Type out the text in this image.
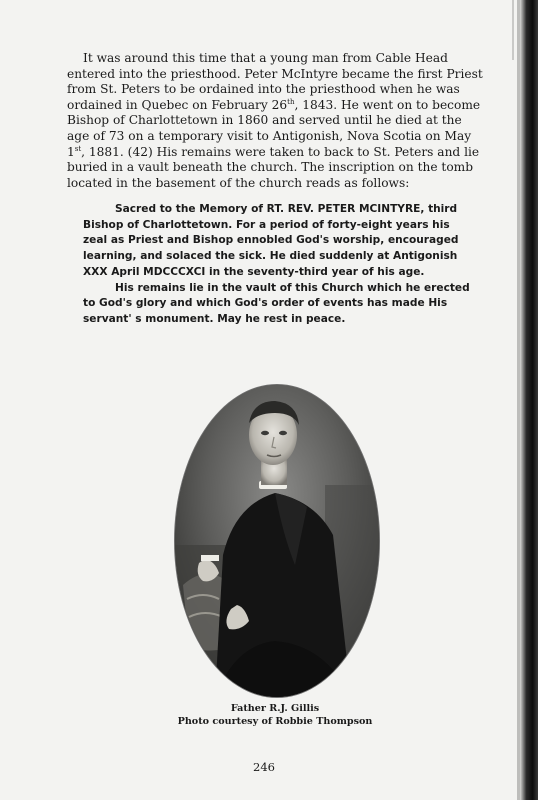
It was around this time that a young man from Cable Head entered into the priesthood. Peter McIntyre became the first Priest from St. Peters to be ordained into the priesthood when he was ordained in Quebec on February 26th, 1843. He went on to become Bishop of Charlottetown in 1860 and served until he died at the age of 73 on a temporary visit to Antigonish, Nova Scotia on May 1st, 1881. (42) His remains were taken to back to St. Peters and lie buried in a vault beneath the church. The inscription on the tomb located in the basement of the church reads as follows:

Sacred to the Memory of RT. REV. PETER MCINTYRE, third Bishop of Charlottetown. For a period of forty-eight years his zeal as Priest and Bishop ennobled God's worship, encouraged learning, and solaced the sick. He died suddenly at Antigonish XXX April MDCCCXCI in the seventy-third year of his age.

His remains lie in the vault of this Church which he erected to God's glory and which God's order of events has made His servant' s monument. May he rest in peace.

Father R.J. Gillis

Photo courtesy of Robbie Thompson

246
